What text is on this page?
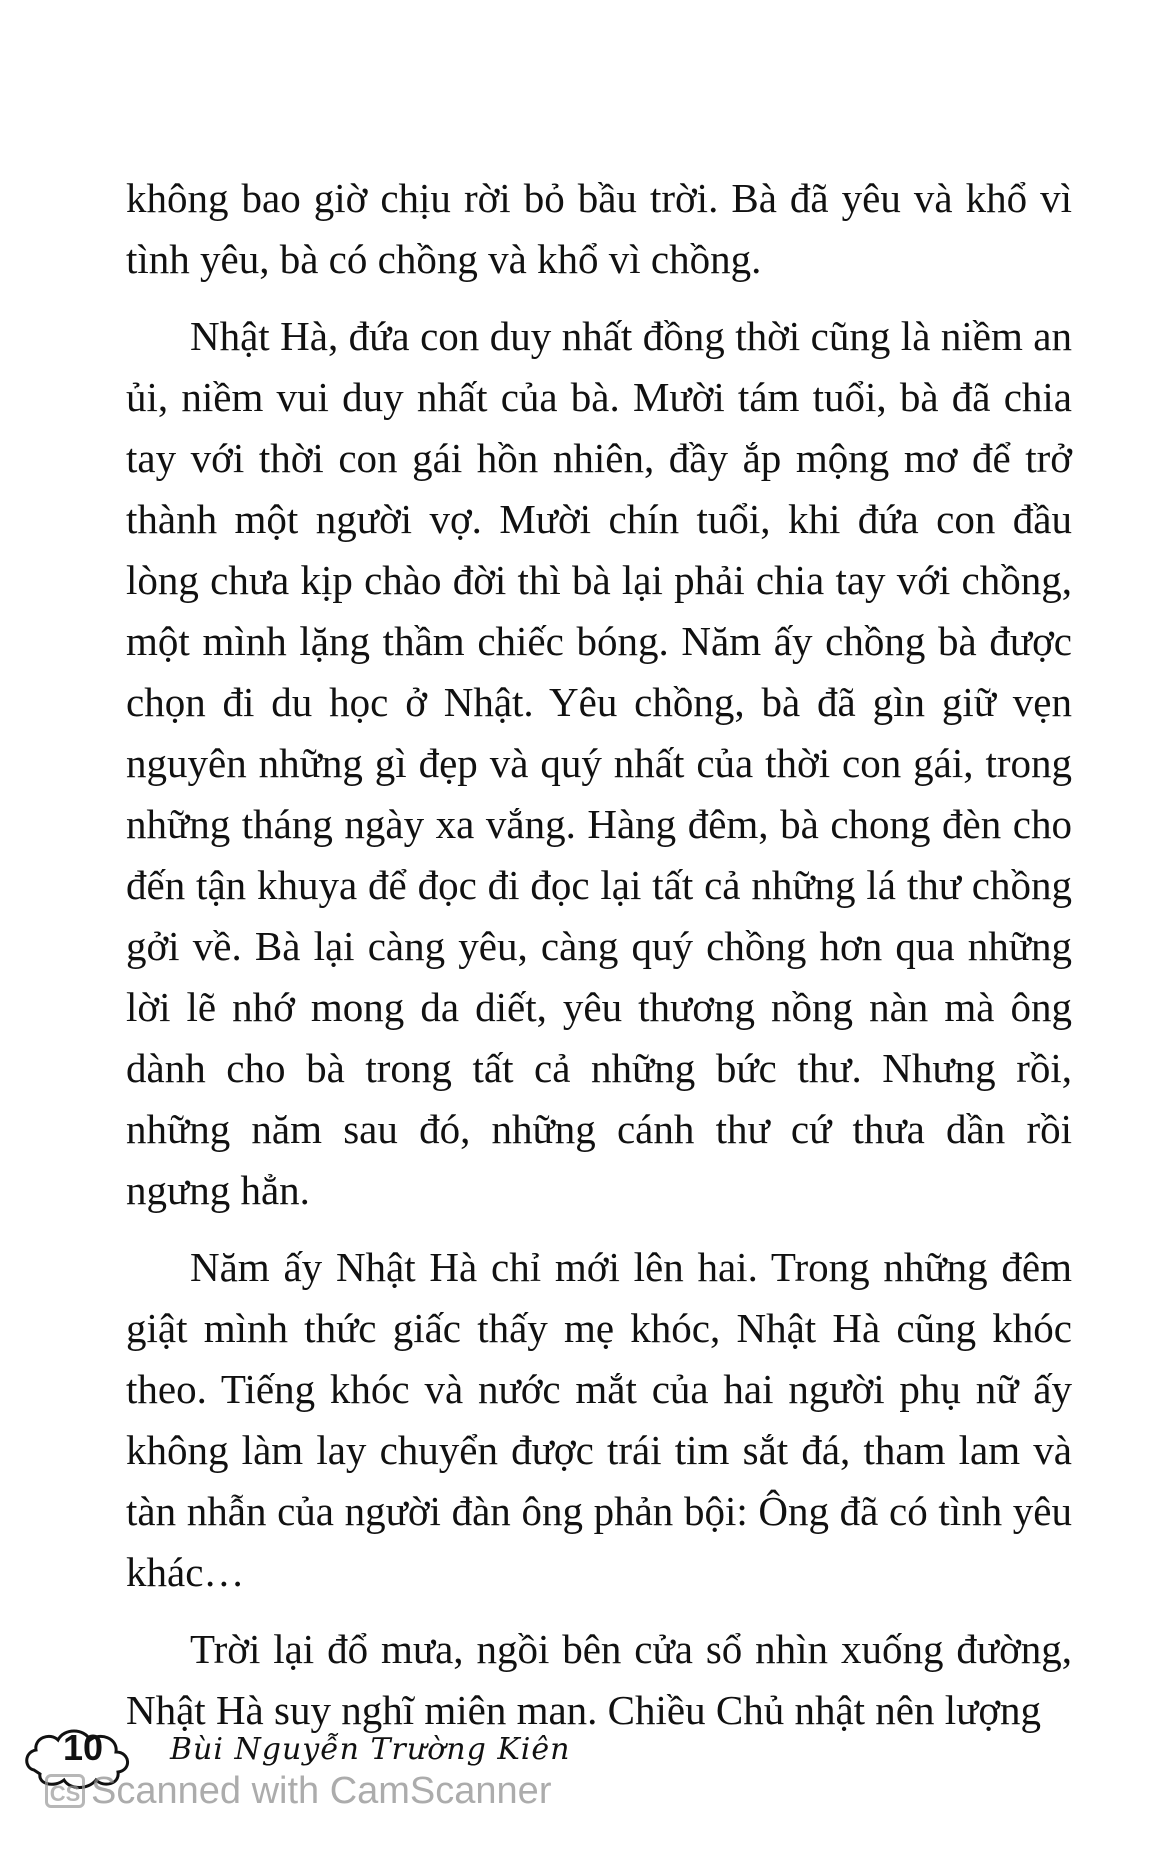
không bao giờ chịu rời bỏ bầu trời. Bà đã yêu và khổ vì tình yêu, bà có chồng và khổ vì chồng.

Nhật Hà, đứa con duy nhất đồng thời cũng là niềm an ủi, niềm vui duy nhất của bà. Mười tám tuổi, bà đã chia tay với thời con gái hồn nhiên, đầy ắp mộng mơ để trở thành một người vợ. Mười chín tuổi, khi đứa con đầu lòng chưa kịp chào đời thì bà lại phải chia tay với chồng, một mình lặng thầm chiếc bóng. Năm ấy chồng bà được chọn đi du học ở Nhật. Yêu chồng, bà đã gìn giữ vẹn nguyên những gì đẹp và quý nhất của thời con gái, trong những tháng ngày xa vắng. Hàng đêm, bà chong đèn cho đến tận khuya để đọc đi đọc lại tất cả những lá thư chồng gởi về. Bà lại càng yêu, càng quý chồng hơn qua những lời lẽ nhớ mong da diết, yêu thương nồng nàn mà ông dành cho bà trong tất cả những bức thư. Nhưng rồi, những năm sau đó, những cánh thư cứ thưa dần rồi ngưng hẳn.

Năm ấy Nhật Hà chỉ mới lên hai. Trong những đêm giật mình thức giấc thấy mẹ khóc, Nhật Hà cũng khóc theo. Tiếng khóc và nước mắt của hai người phụ nữ ấy không làm lay chuyển được trái tim sắt đá, tham lam và tàn nhẫn của người đàn ông phản bội: Ông đã có tình yêu khác…

Trời lại đổ mưa, ngồi bên cửa sổ nhìn xuống đường, Nhật Hà suy nghĩ miên man. Chiều Chủ nhật nên lượng

10	Bùi Nguyễn Trường Kiên
CS Scanned with CamScanner
